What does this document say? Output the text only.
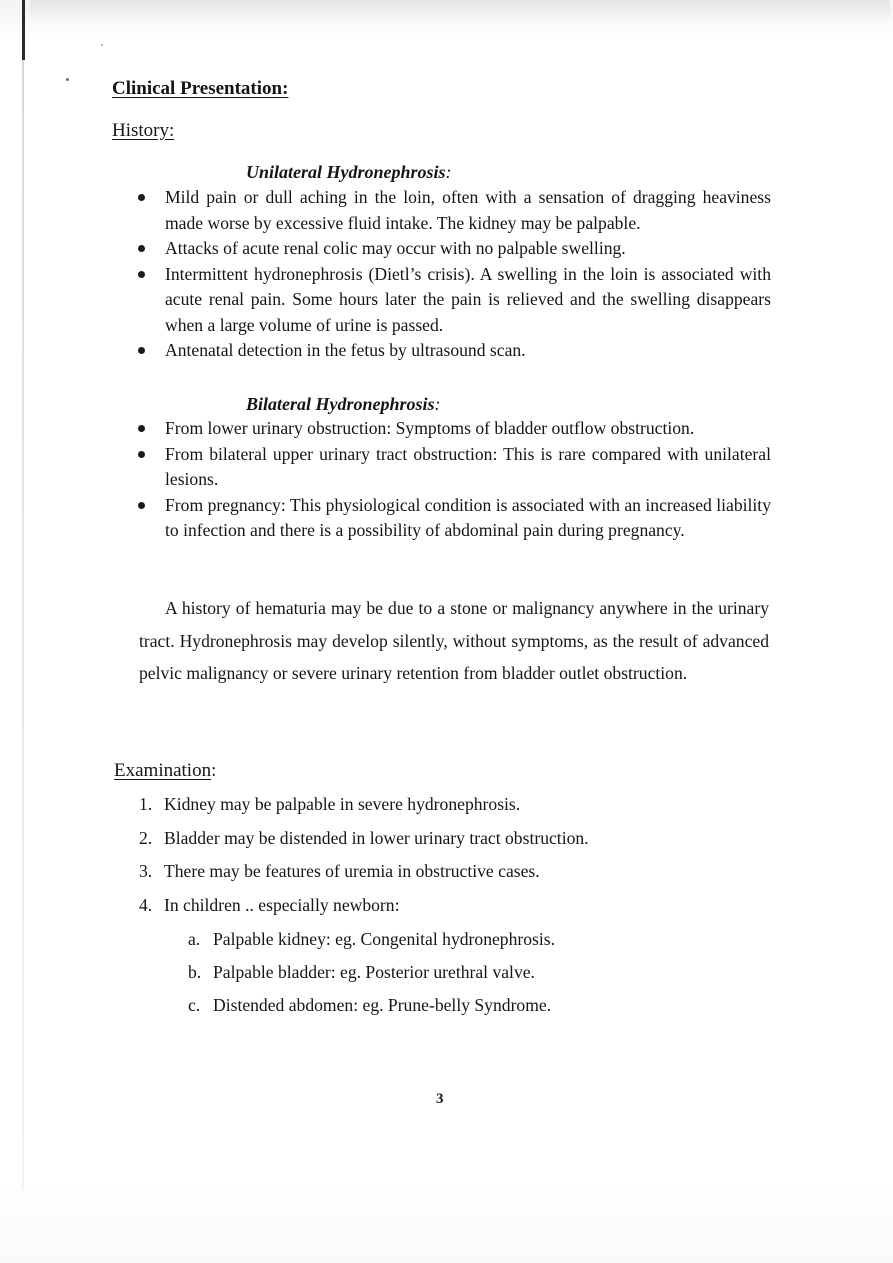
Clinical Presentation:
History:
Unilateral Hydronephrosis:
Mild pain or dull aching in the loin, often with a sensation of dragging heaviness made worse by excessive fluid intake. The kidney may be palpable.
Attacks of acute renal colic may occur with no palpable swelling.
Intermittent hydronephrosis (Dietl’s crisis). A swelling in the loin is associated with acute renal pain. Some hours later the pain is relieved and the swelling disappears when a large volume of urine is passed.
Antenatal detection in the fetus by ultrasound scan.
Bilateral Hydronephrosis:
From lower urinary obstruction: Symptoms of bladder outflow obstruction.
From bilateral upper urinary tract obstruction: This is rare compared with unilateral lesions.
From pregnancy: This physiological condition is associated with an increased liability to infection and there is a possibility of abdominal pain during pregnancy.

A history of hematuria may be due to a stone or malignancy anywhere in the urinary tract. Hydronephrosis may develop silently, without symptoms, as the result of advanced pelvic malignancy or severe urinary retention from bladder outlet obstruction.

Examination:
1. Kidney may be palpable in severe hydronephrosis.
2. Bladder may be distended in lower urinary tract obstruction.
3. There may be features of uremia in obstructive cases.
4. In children .. especially newborn:
a. Palpable kidney: eg. Congenital hydronephrosis.
b. Palpable bladder: eg. Posterior urethral valve.
c. Distended abdomen: eg. Prune-belly Syndrome.
3
